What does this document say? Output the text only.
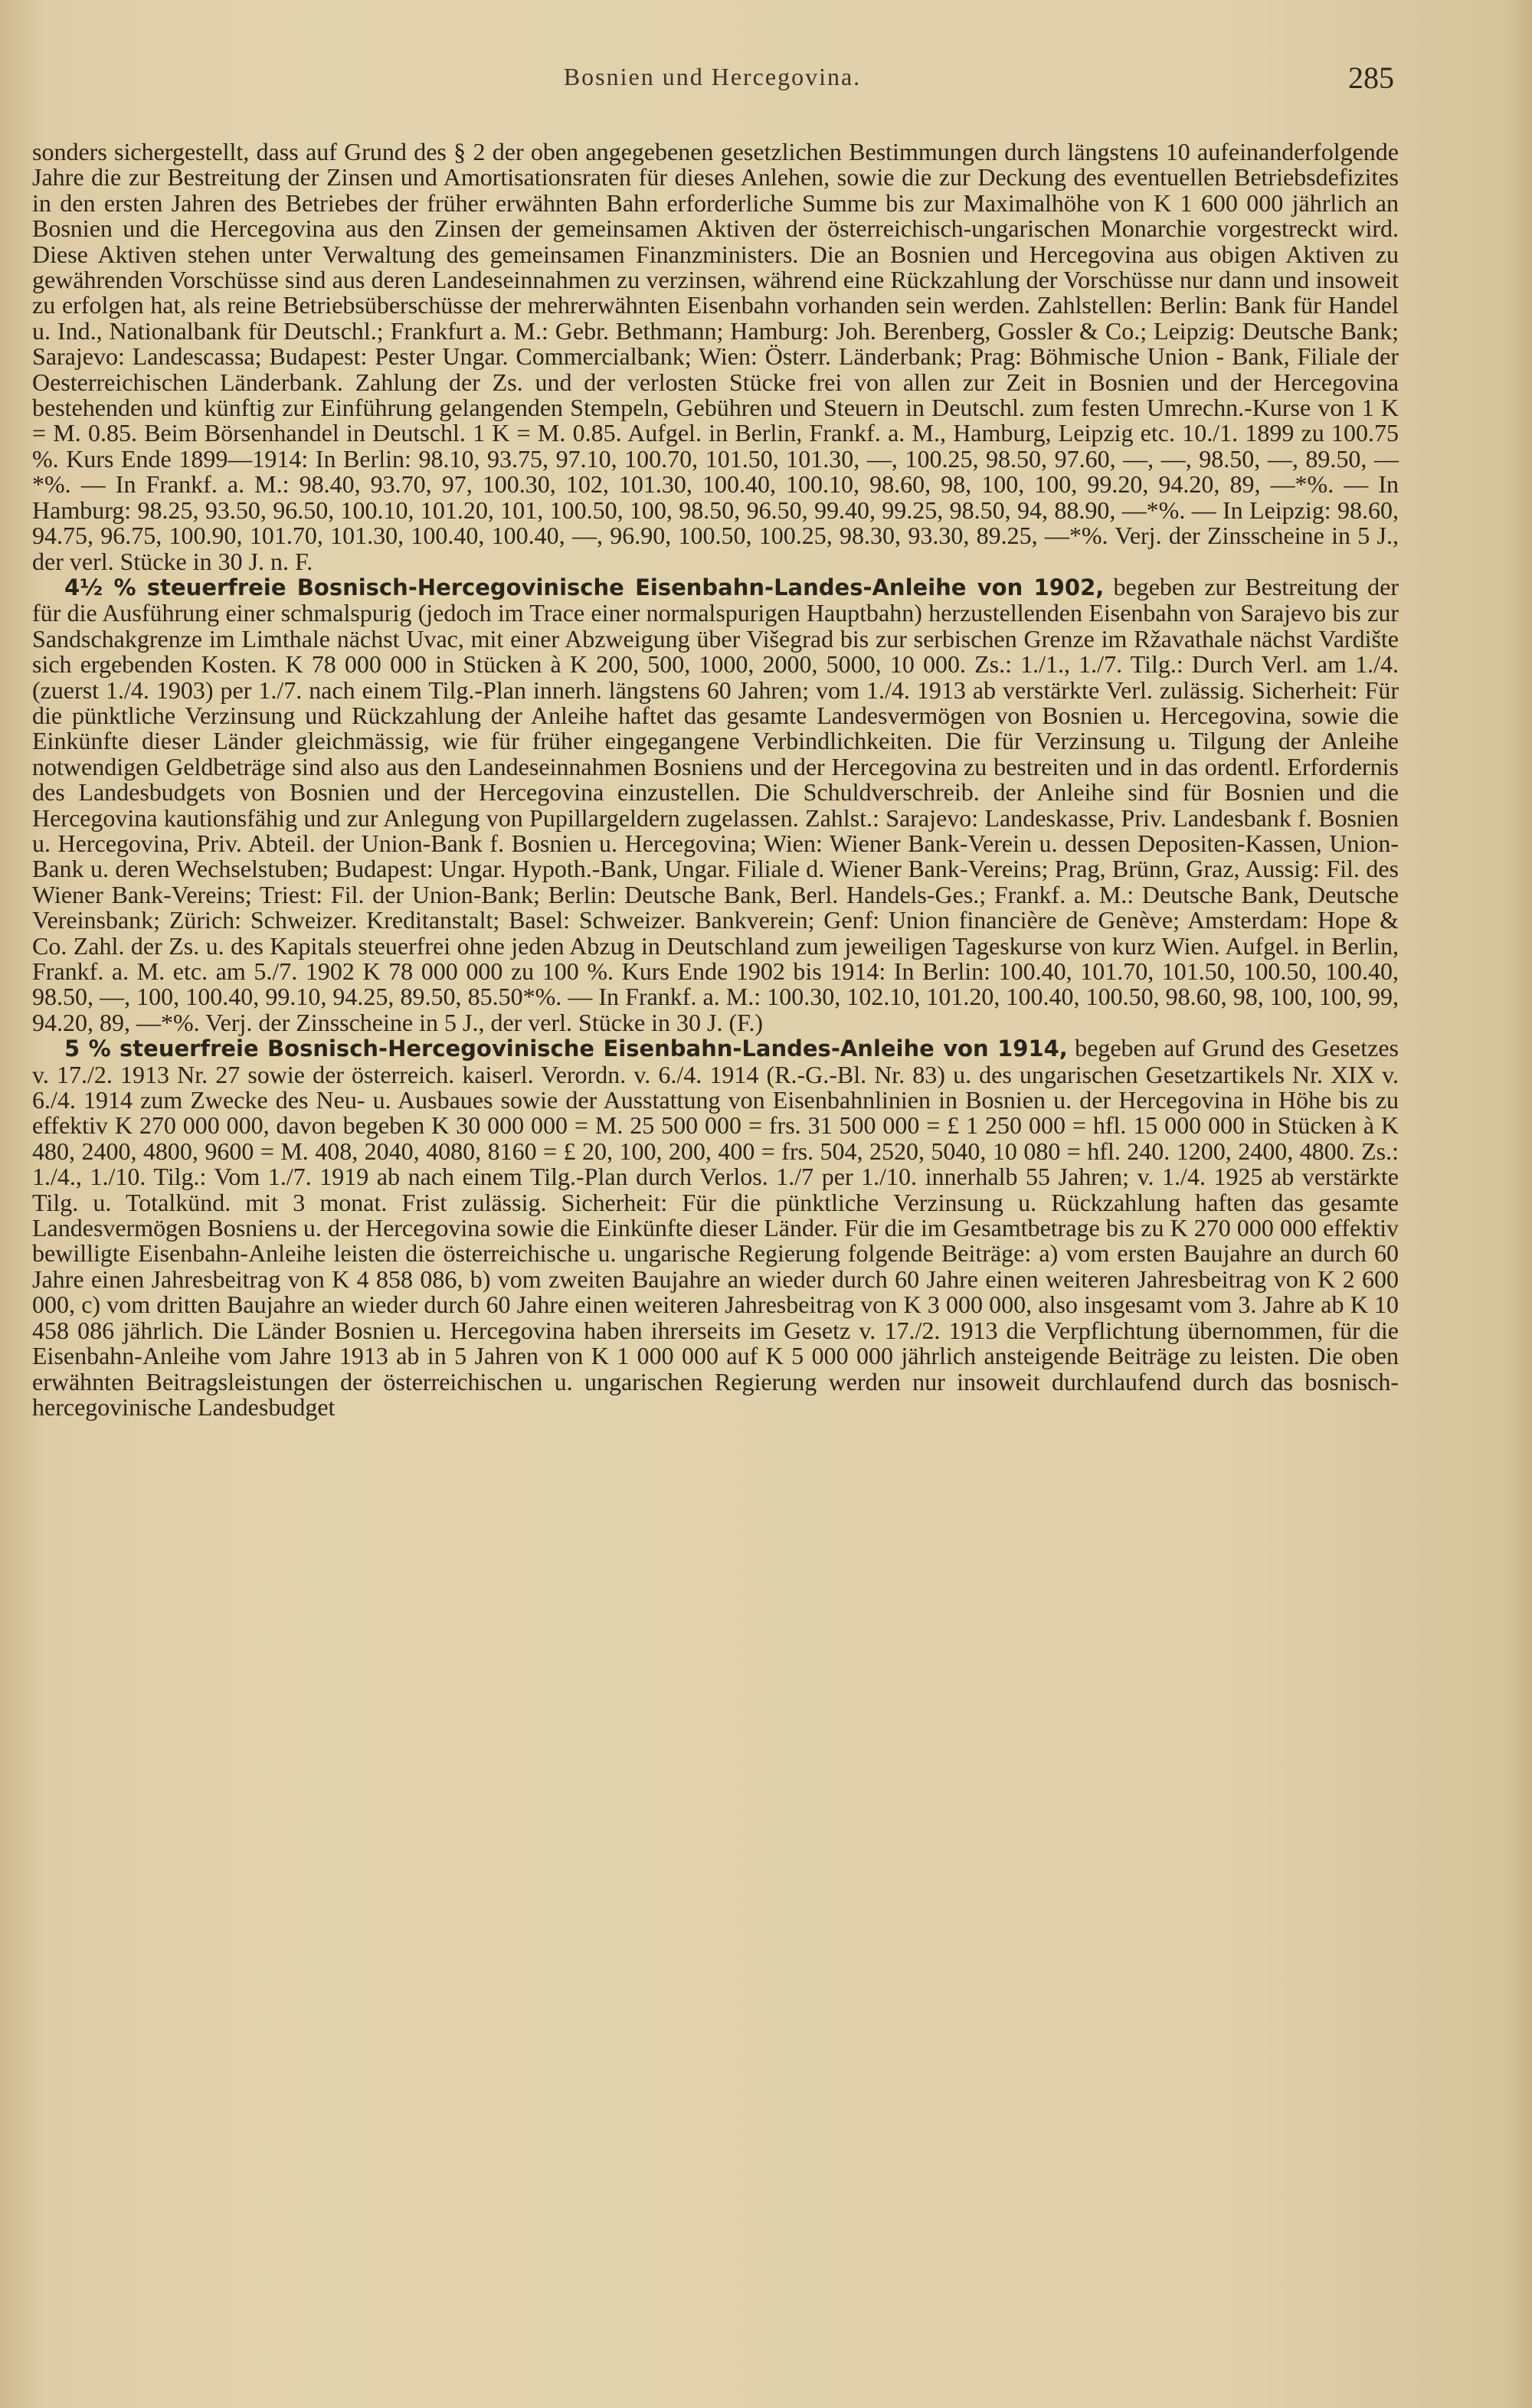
Bosnien und Hercegovina.	285

sonders sichergestellt, dass auf Grund des § 2 der oben angegebenen gesetzlichen Bestimmungen durch längstens 10 aufeinanderfolgende Jahre die zur Bestreitung der Zinsen und Amortisationsraten für dieses Anlehen, sowie die zur Deckung des eventuellen Betriebsdefizites in den ersten Jahren des Betriebes der früher erwähnten Bahn erforderliche Summe bis zur Maximalhöhe von K 1 600 000 jährlich an Bosnien und die Hercegovina aus den Zinsen der gemeinsamen Aktiven der österreichisch-ungarischen Monarchie vorgestreckt wird. Diese Aktiven stehen unter Verwaltung des gemeinsamen Finanzministers. Die an Bosnien und Hercegovina aus obigen Aktiven zu gewährenden Vorschüsse sind aus deren Landeseinnahmen zu verzinsen, während eine Rückzahlung der Vorschüsse nur dann und insoweit zu erfolgen hat, als reine Betriebsüberschüsse der mehrerwähnten Eisenbahn vorhanden sein werden. Zahlstellen: Berlin: Bank für Handel u. Ind., Nationalbank für Deutschl.; Frankfurt a. M.: Gebr. Bethmann; Hamburg: Joh. Berenberg, Gossler & Co.; Leipzig: Deutsche Bank; Sarajevo: Landescassa; Budapest: Pester Ungar. Commercialbank; Wien: Österr. Länderbank; Prag: Böhmische Union - Bank, Filiale der Oesterreichischen Länderbank. Zahlung der Zs. und der verlosten Stücke frei von allen zur Zeit in Bosnien und der Hercegovina bestehenden und künftig zur Einführung gelangenden Stempeln, Gebühren und Steuern in Deutschl. zum festen Umrechn.-Kurse von 1 K = M. 0.85. Beim Börsenhandel in Deutschl. 1 K = M. 0.85. Aufgel. in Berlin, Frankf. a. M., Hamburg, Leipzig etc. 10./1. 1899 zu 100.75 %. Kurs Ende 1899—1914: In Berlin: 98.10, 93.75, 97.10, 100.70, 101.50, 101.30, —, 100.25, 98.50, 97.60, —, —, 98.50, —, 89.50, —*%. — In Frankf. a. M.: 98.40, 93.70, 97, 100.30, 102, 101.30, 100.40, 100.10, 98.60, 98, 100, 100, 99.20, 94.20, 89, —*%. — In Hamburg: 98.25, 93.50, 96.50, 100.10, 101.20, 101, 100.50, 100, 98.50, 96.50, 99.40, 99.25, 98.50, 94, 88.90, —*%. — In Leipzig: 98.60, 94.75, 96.75, 100.90, 101.70, 101.30, 100.40, 100.40, —, 96.90, 100.50, 100.25, 98.30, 93.30, 89.25, —*%. Verj. der Zinsscheine in 5 J., der verl. Stücke in 30 J. n. F.

4½ % steuerfreie Bosnisch-Hercegovinische Eisenbahn-Landes-Anleihe von 1902, begeben zur Bestreitung der für die Ausführung einer schmalspurig (jedoch im Trace einer normalspurigen Hauptbahn) herzustellenden Eisenbahn von Sarajevo bis zur Sandschakgrenze im Limthale nächst Uvac, mit einer Abzweigung über Višegrad bis zur serbischen Grenze im Ržavathale nächst Vardište sich ergebenden Kosten. K 78 000 000 in Stücken à K 200, 500, 1000, 2000, 5000, 10 000. Zs.: 1./1., 1./7. Tilg.: Durch Verl. am 1./4. (zuerst 1./4. 1903) per 1./7. nach einem Tilg.-Plan innerh. längstens 60 Jahren; vom 1./4. 1913 ab verstärkte Verl. zulässig. Sicherheit: Für die pünktliche Verzinsung und Rückzahlung der Anleihe haftet das gesamte Landesvermögen von Bosnien u. Hercegovina, sowie die Einkünfte dieser Länder gleichmässig, wie für früher eingegangene Verbindlichkeiten. Die für Verzinsung u. Tilgung der Anleihe notwendigen Geldbeträge sind also aus den Landeseinnahmen Bosniens und der Hercegovina zu bestreiten und in das ordentl. Erfordernis des Landesbudgets von Bosnien und der Hercegovina einzustellen. Die Schuldverschreib. der Anleihe sind für Bosnien und die Hercegovina kautionsfähig und zur Anlegung von Pupillargeldern zugelassen. Zahlst.: Sarajevo: Landeskasse, Priv. Landesbank f. Bosnien u. Hercegovina, Priv. Abteil. der Union-Bank f. Bosnien u. Hercegovina; Wien: Wiener Bank-Verein u. dessen Depositen-Kassen, Union-Bank u. deren Wechselstuben; Budapest: Ungar. Hypoth.-Bank, Ungar. Filiale d. Wiener Bank-Vereins; Prag, Brünn, Graz, Aussig: Fil. des Wiener Bank-Vereins; Triest: Fil. der Union-Bank; Berlin: Deutsche Bank, Berl. Handels-Ges.; Frankf. a. M.: Deutsche Bank, Deutsche Vereinsbank; Zürich: Schweizer. Kreditanstalt; Basel: Schweizer. Bankverein; Genf: Union financière de Genève; Amsterdam: Hope & Co. Zahl. der Zs. u. des Kapitals steuerfrei ohne jeden Abzug in Deutschland zum jeweiligen Tageskurse von kurz Wien. Aufgel. in Berlin, Frankf. a. M. etc. am 5./7. 1902 K 78 000 000 zu 100 %. Kurs Ende 1902 bis 1914: In Berlin: 100.40, 101.70, 101.50, 100.50, 100.40, 98.50, —, 100, 100.40, 99.10, 94.25, 89.50, 85.50*%. — In Frankf. a. M.: 100.30, 102.10, 101.20, 100.40, 100.50, 98.60, 98, 100, 100, 99, 94.20, 89, —*%. Verj. der Zinsscheine in 5 J., der verl. Stücke in 30 J. (F.)

5 % steuerfreie Bosnisch-Hercegovinische Eisenbahn-Landes-Anleihe von 1914, begeben auf Grund des Gesetzes v. 17./2. 1913 Nr. 27 sowie der österreich. kaiserl. Verordn. v. 6./4. 1914 (R.-G.-Bl. Nr. 83) u. des ungarischen Gesetzartikels Nr. XIX v. 6./4. 1914 zum Zwecke des Neu- u. Ausbaues sowie der Ausstattung von Eisenbahnlinien in Bosnien u. der Hercegovina in Höhe bis zu effektiv K 270 000 000, davon begeben K 30 000 000 = M. 25 500 000 = frs. 31 500 000 = £ 1 250 000 = hfl. 15 000 000 in Stücken à K 480, 2400, 4800, 9600 = M. 408, 2040, 4080, 8160 = £ 20, 100, 200, 400 = frs. 504, 2520, 5040, 10 080 = hfl. 240. 1200, 2400, 4800. Zs.: 1./4., 1./10. Tilg.: Vom 1./7. 1919 ab nach einem Tilg.-Plan durch Verlos. 1./7 per 1./10. innerhalb 55 Jahren; v. 1./4. 1925 ab verstärkte Tilg. u. Totalkünd. mit 3 monat. Frist zulässig. Sicherheit: Für die pünktliche Verzinsung u. Rückzahlung haften das gesamte Landesvermögen Bosniens u. der Hercegovina sowie die Einkünfte dieser Länder. Für die im Gesamtbetrage bis zu K 270 000 000 effektiv bewilligte Eisenbahn-Anleihe leisten die österreichische u. ungarische Regierung folgende Beiträge: a) vom ersten Baujahre an durch 60 Jahre einen Jahresbeitrag von K 4 858 086, b) vom zweiten Baujahre an wieder durch 60 Jahre einen weiteren Jahresbeitrag von K 2 600 000, c) vom dritten Baujahre an wieder durch 60 Jahre einen weiteren Jahresbeitrag von K 3 000 000, also insgesamt vom 3. Jahre ab K 10 458 086 jährlich. Die Länder Bosnien u. Hercegovina haben ihrerseits im Gesetz v. 17./2. 1913 die Verpflichtung übernommen, für die Eisenbahn-Anleihe vom Jahre 1913 ab in 5 Jahren von K 1 000 000 auf K 5 000 000 jährlich ansteigende Beiträge zu leisten. Die oben erwähnten Beitragsleistungen der österreichischen u. ungarischen Regierung werden nur insoweit durchlaufend durch das bosnisch-hercegovinische Landesbudget
